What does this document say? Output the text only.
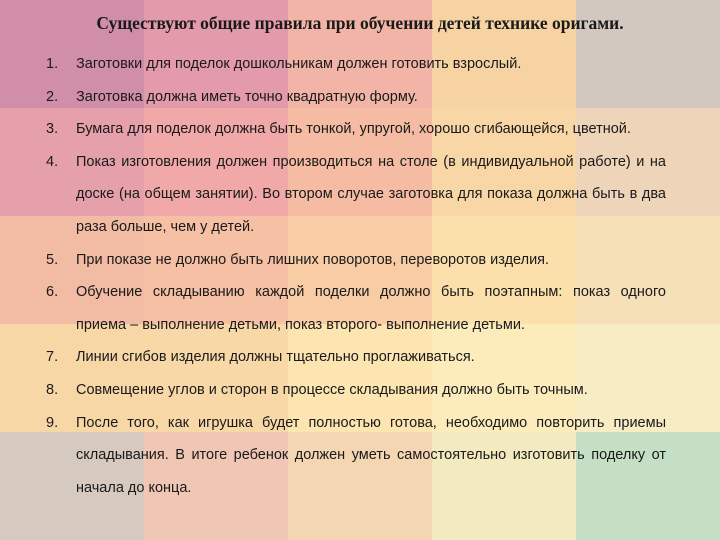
Существуют общие правила при обучении детей технике оригами.
1.	Заготовки для поделок дошкольникам должен готовить взрослый.
2.	Заготовка должна иметь точно квадратную форму.
3.	Бумага для поделок должна быть тонкой, упругой, хорошо сгибающейся, цветной.
4.	Показ изготовления должен производиться на столе (в индивидуальной работе) и на доске (на общем занятии). Во втором случае заготовка для показа должна быть в два раза больше, чем у детей.
5.	При показе не должно быть лишних поворотов, переворотов изделия.
6.	Обучение складыванию каждой поделки должно быть поэтапным: показ одного приема – выполнение детьми, показ второго- выполнение детьми.
7.	Линии сгибов изделия должны тщательно проглаживаться.
8.	Совмещение углов и сторон в процессе складывания должно быть точным.
9.	После того, как игрушка будет полностью готова, необходимо повторить приемы складывания. В итоге ребенок должен уметь самостоятельно изготовить поделку от начала до конца.
